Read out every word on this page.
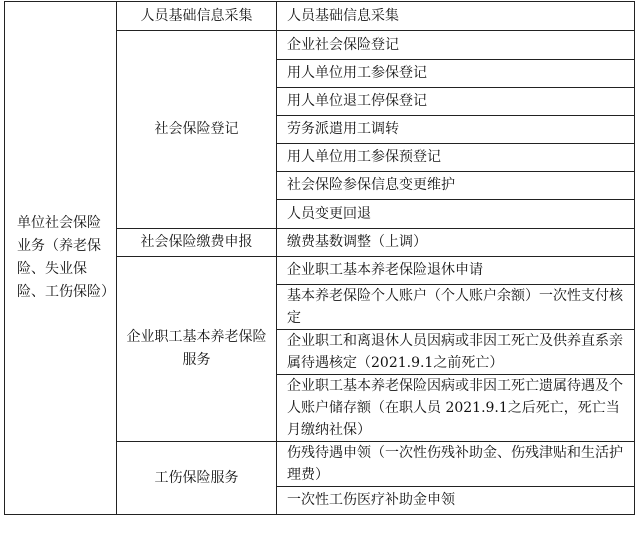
单位社会保险业务（养老保险、失业保险、工伤保险）	人员基础信息采集	人员基础信息采集
	社会保险登记	企业社会保险登记
		用人单位用工参保登记
		用人单位退工停保登记
		劳务派遣用工调转
		用人单位用工参保预登记
		社会保险参保信息变更维护
		人员变更回退
	社会保险缴费申报	缴费基数调整（上调）
	企业职工基本养老保险服务	企业职工基本养老保险退休申请
		基本养老保险个人账户（个人账户余额）一次性支付核定
		企业职工和离退休人员因病或非因工死亡及供养直系亲属待遇核定（2021.9.1之前死亡）
		企业职工基本养老保险因病或非因工死亡遗属待遇及个人账户储存额（在职人员 2021.9.1之后死亡，死亡当月缴纳社保）
	工伤保险服务	伤残待遇申领（一次性伤残补助金、伤残津贴和生活护理费）
		一次性工伤医疗补助金申领
